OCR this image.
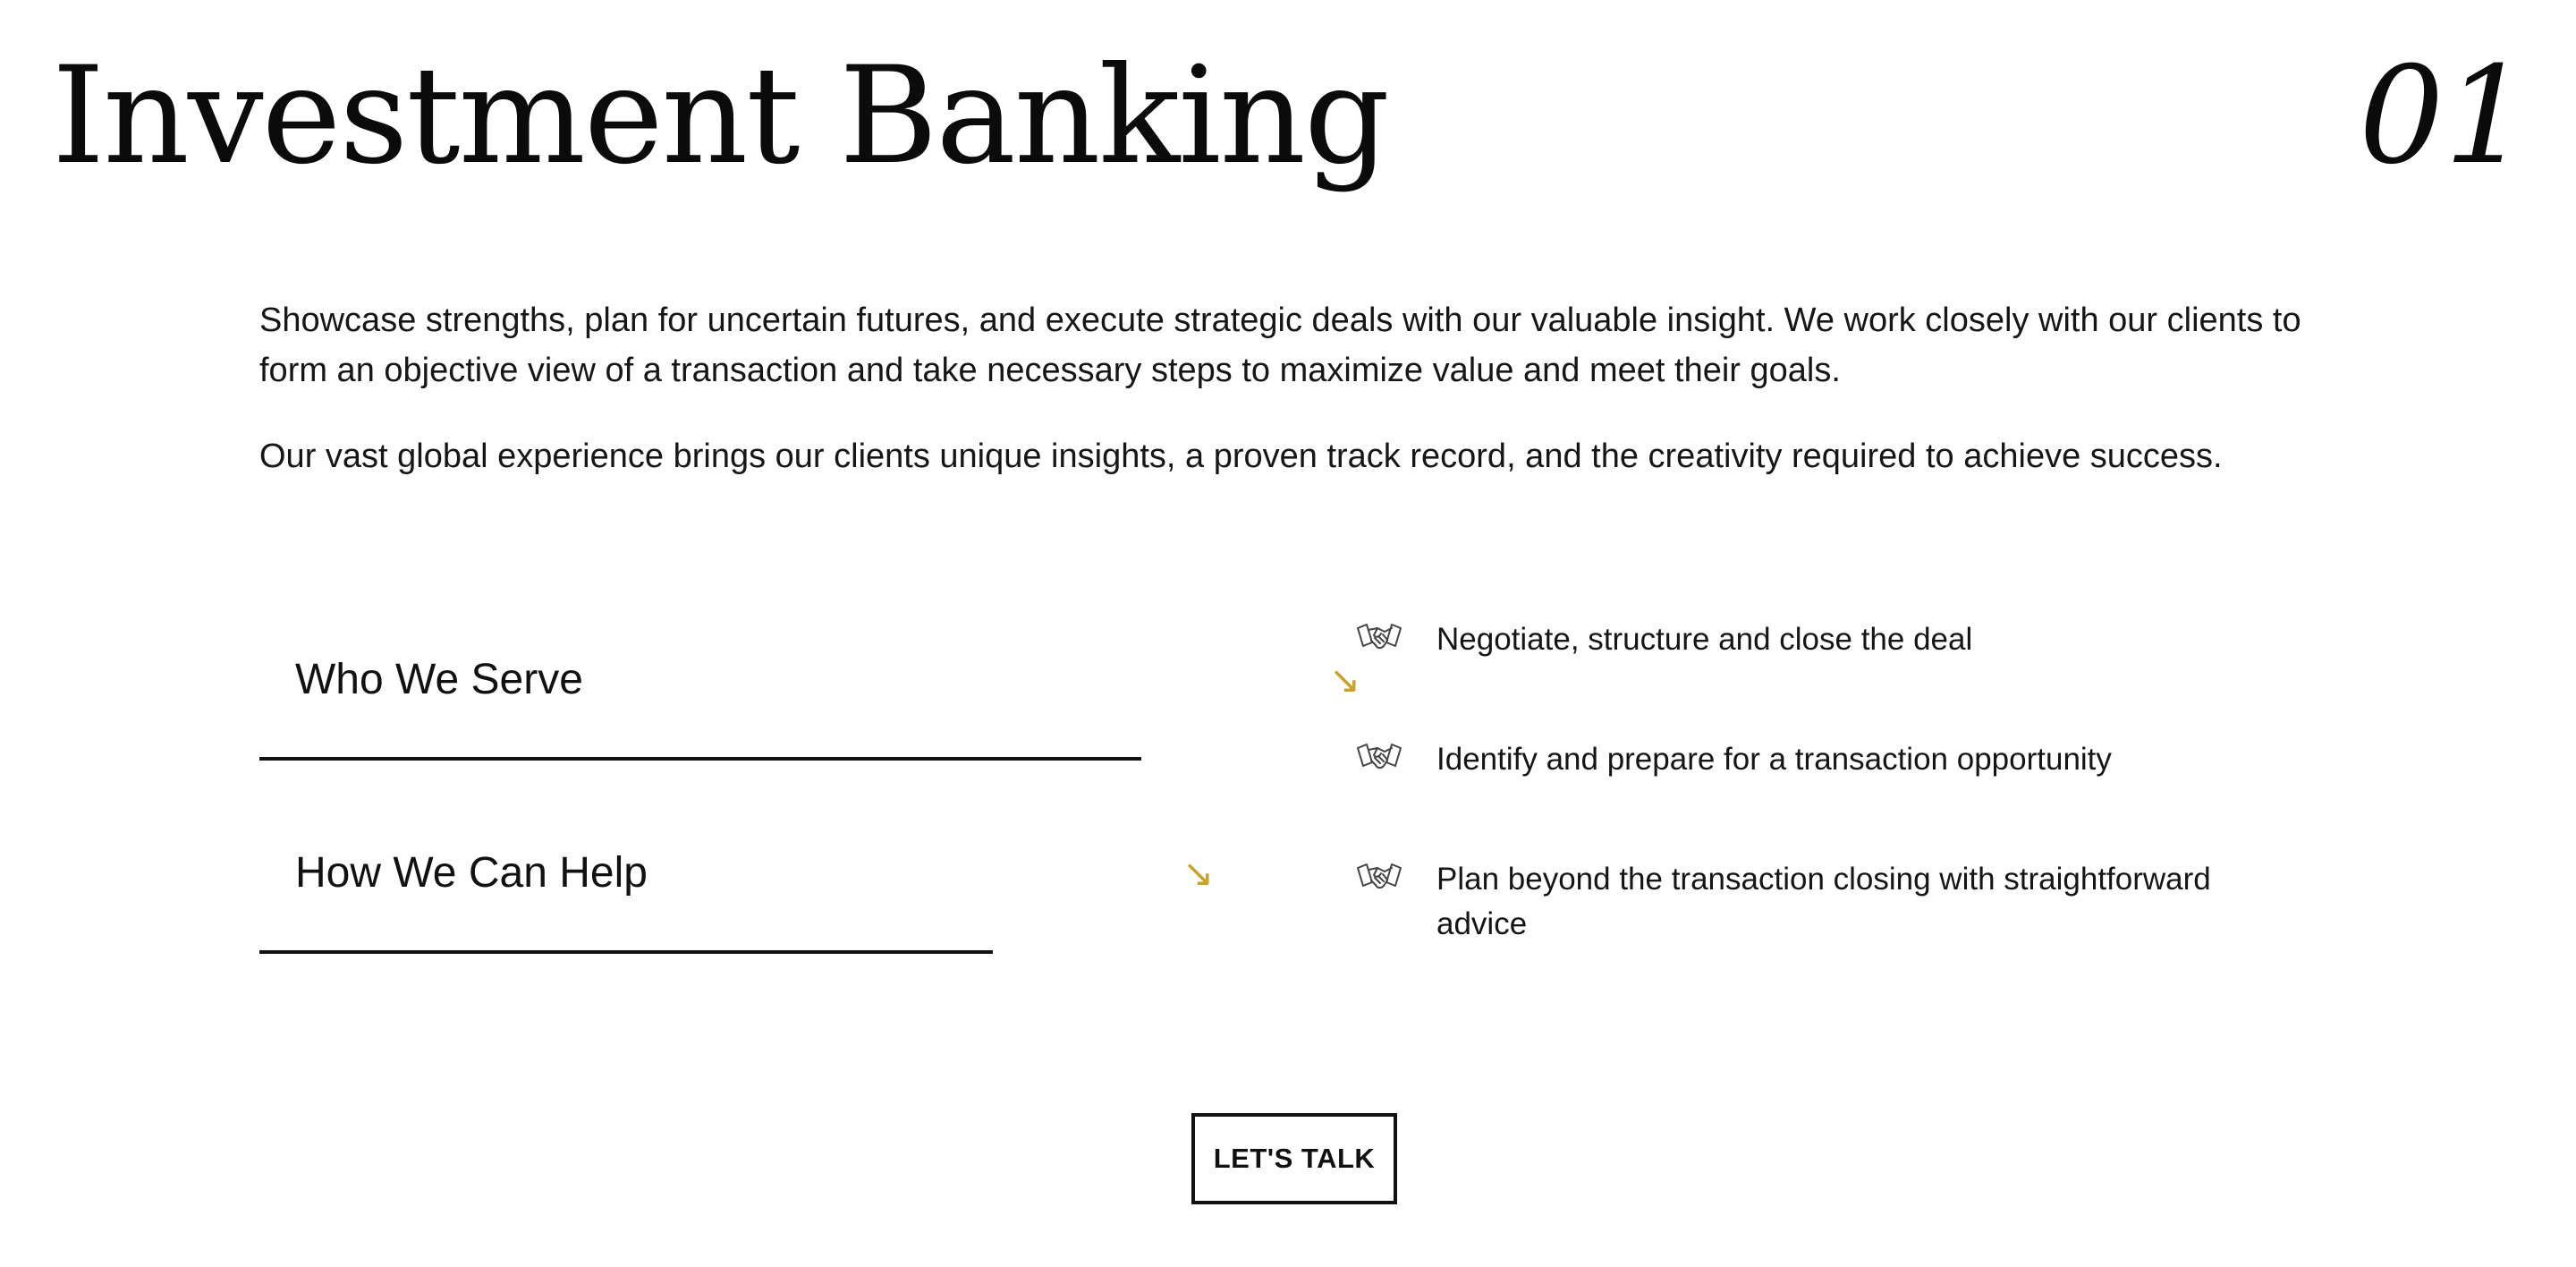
Investment Banking	01

Showcase strengths, plan for uncertain futures, and execute strategic deals with our valuable insight. We work closely with our clients to form an objective view of a transaction and take necessary steps to maximize value and meet their goals.

Our vast global experience brings our clients unique insights, a proven track record, and the creativity required to achieve success.

Who We Serve	↘
How We Can Help	↘
Negotiate, structure and close the deal
Identify and prepare for a transaction opportunity
Plan beyond the transaction closing with straightforward advice
LET'S TALK
